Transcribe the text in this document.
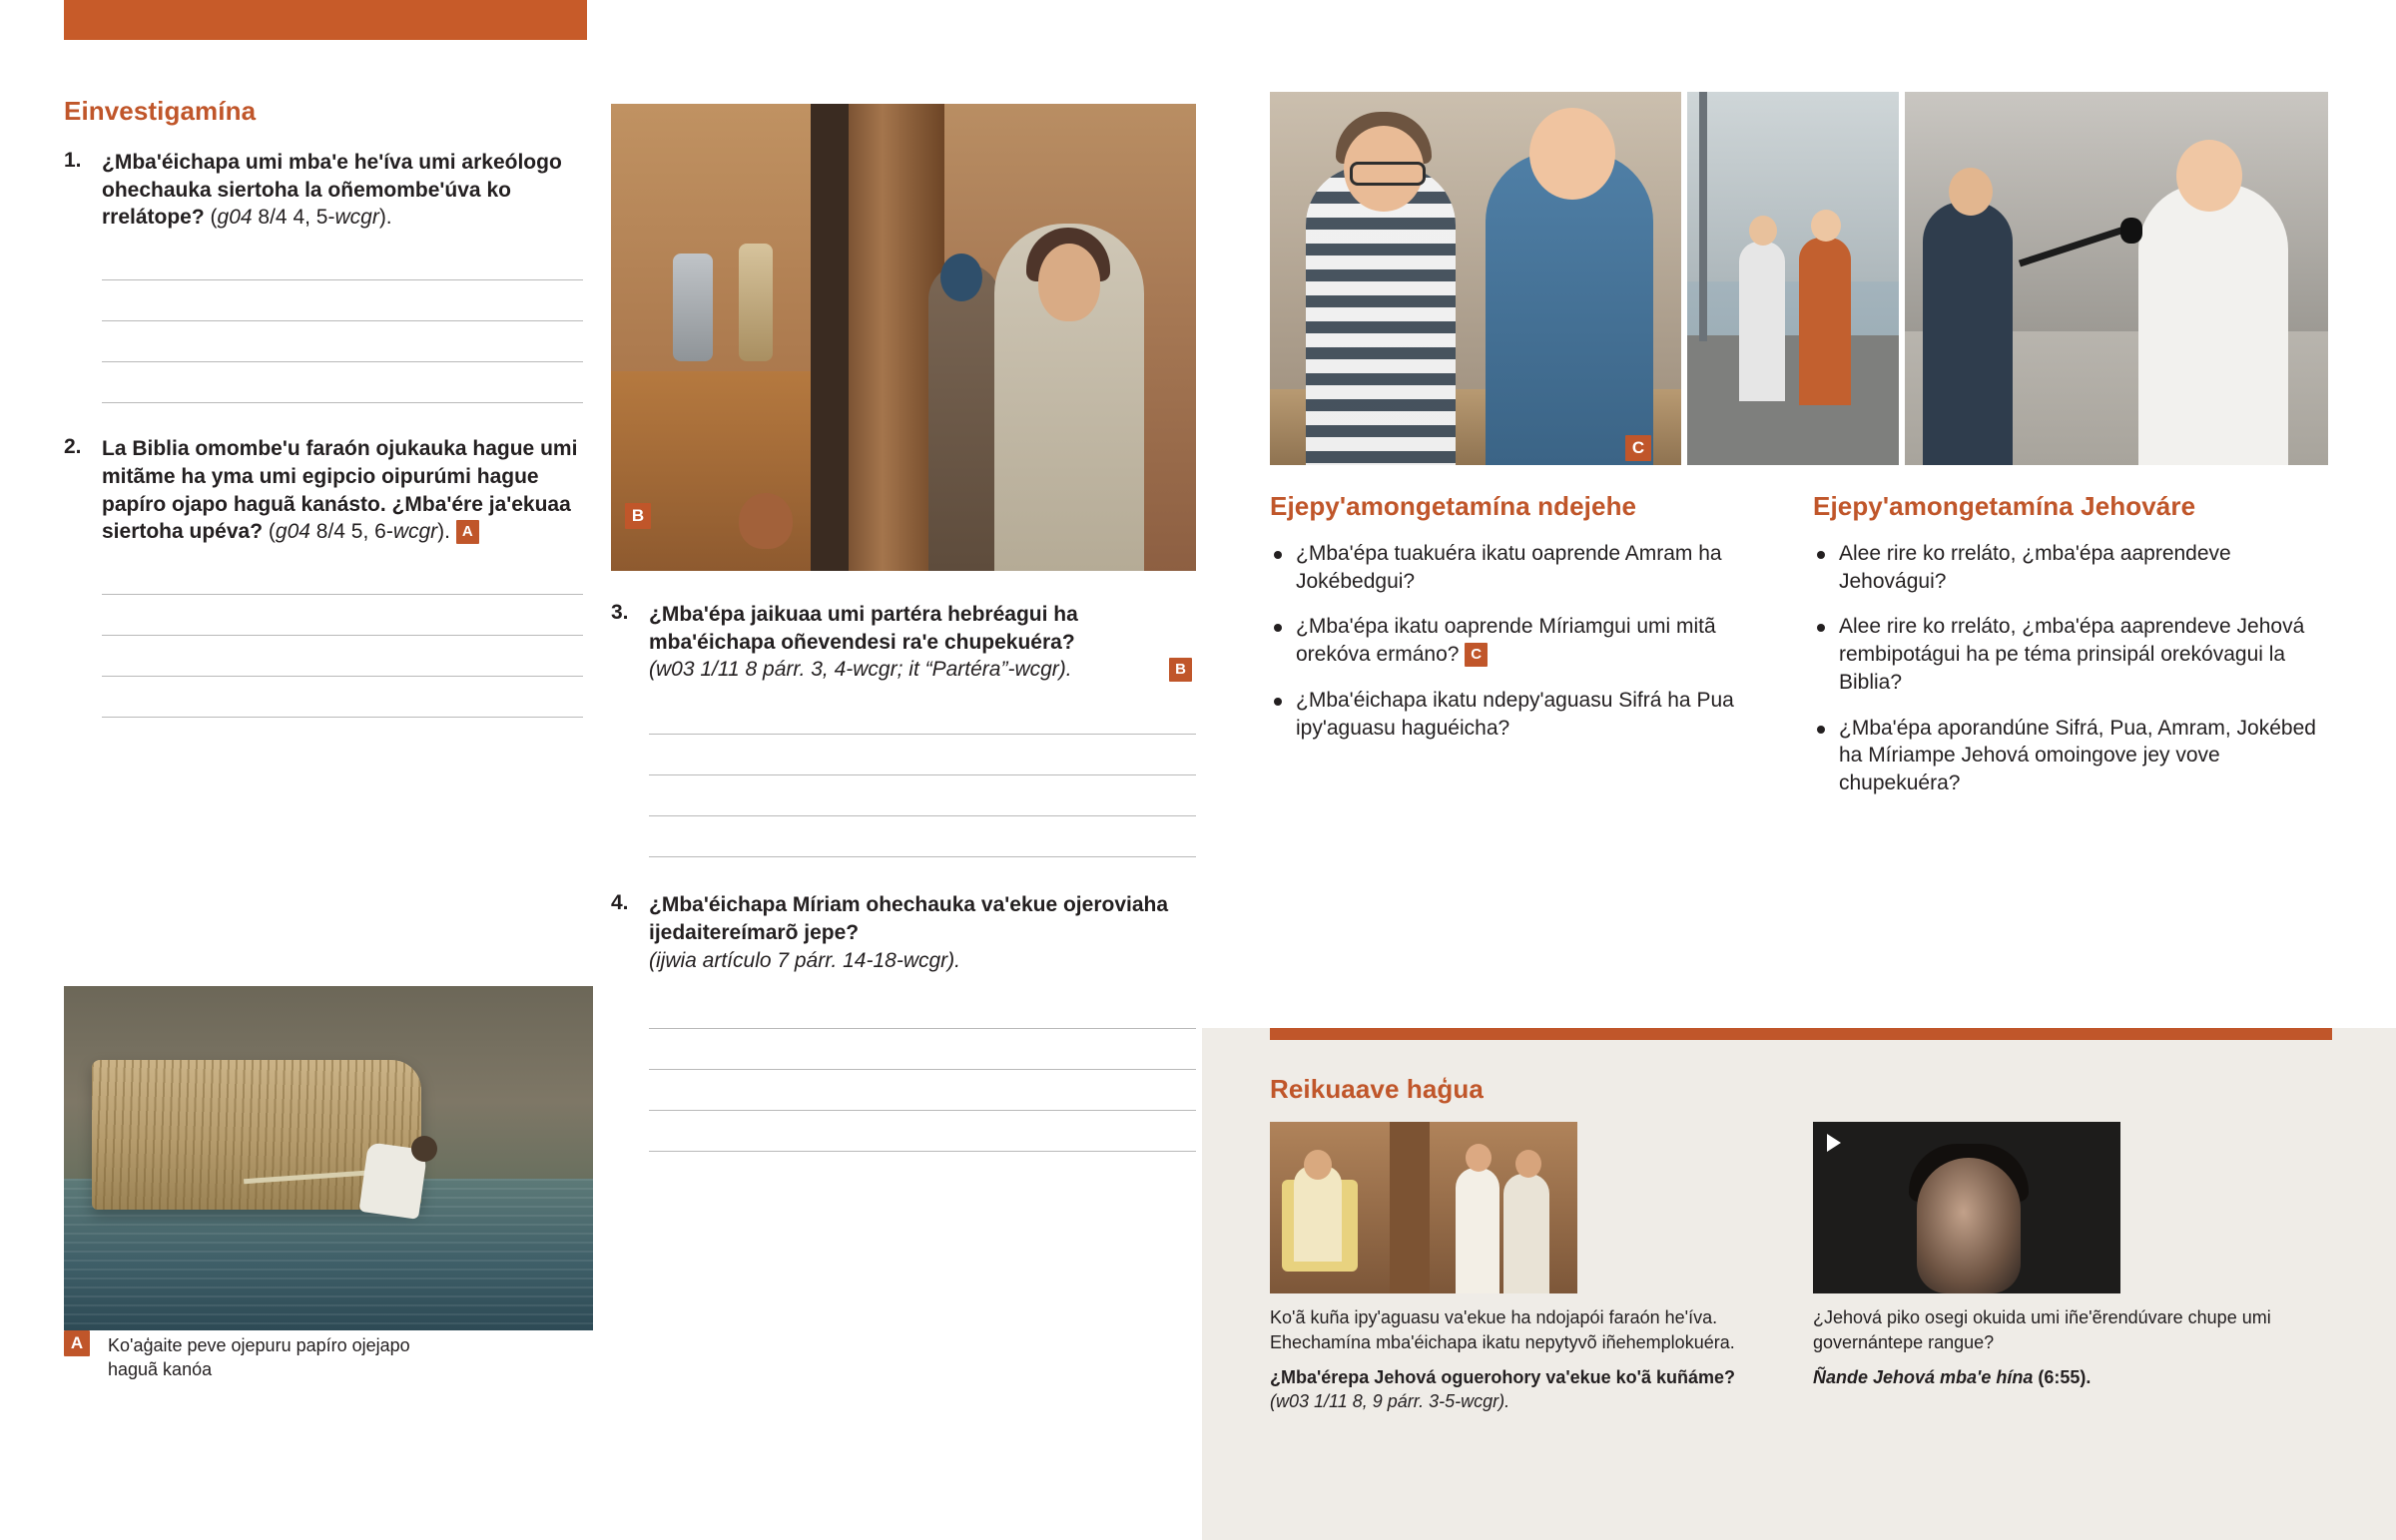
Einvestigamína
1. ¿Mba'éichapa umi mba'e he'íva umi arkeólogo ohechauka siertoha la oñemombe'úva ko rrelátope? (g04 8/4 4, 5-wcgr).
2. La Biblia omombe'u faraón ojukauka hague umi mitãme ha yma umi egipcio oipurúmi hague papíro ojapo haguã kanásto. ¿Mba'ére ja'ekuaa siertoha upéva? (g04 8/4 5, 6-wcgr). A
A	Ko'aģaite peve ojepuru papíro ojejapo haguã kanóa
B
3. ¿Mba'épa jaikuaa umi partéra hebréagui ha mba'éichapa oñevendesi ra'e chupekuéra?
(w03 1/11 8 párr. 3, 4-wcgr; it “Partéra”-wcgr).	B
4. ¿Mba'éichapa Míriam ohechauka va'ekue ojeroviaha ijedaitereímarõ jepe?
(ijwia artículo 7 párr. 14-18-wcgr).
C
Ejepy'amongetamína ndejehe
¿Mba'épa tuakuéra ikatu oaprende Amram ha Jokébedgui?
¿Mba'épa ikatu oaprende Míriamgui umi mitã orekóva ermáno? C
¿Mba'éichapa ikatu ndepy'aguasu Sifrá ha Pua ipy'aguasu haguéicha?
Ejepy'amongetamína Jehováre
Alee rire ko rreláto, ¿mba'épa aaprendeve Jehovágui?
Alee rire ko rreláto, ¿mba'épa aaprendeve Jehová rembipotágui ha pe téma prinsipál orekóvagui la Biblia?
¿Mba'épa aporandúne Sifrá, Pua, Amram, Jokébed ha Míriampe Jehová omoingove jey vove chupekuéra?
Reikuaave haģua
Ko'ã kuña ipy'aguasu va'ekue ha ndojapói faraón he'íva. Ehechamína mba'éichapa ikatu nepytyvõ iñehemplokuéra.
¿Mba'érepa Jehová oguerohory va'ekue ko'ã kuñáme? (w03 1/11 8, 9 párr. 3-5-wcgr).
¿Jehová piko osegi okuida umi iñe'ẽrendúvare chupe umi governántepe rangue?
Ñande Jehová mba'e hína (6:55).
